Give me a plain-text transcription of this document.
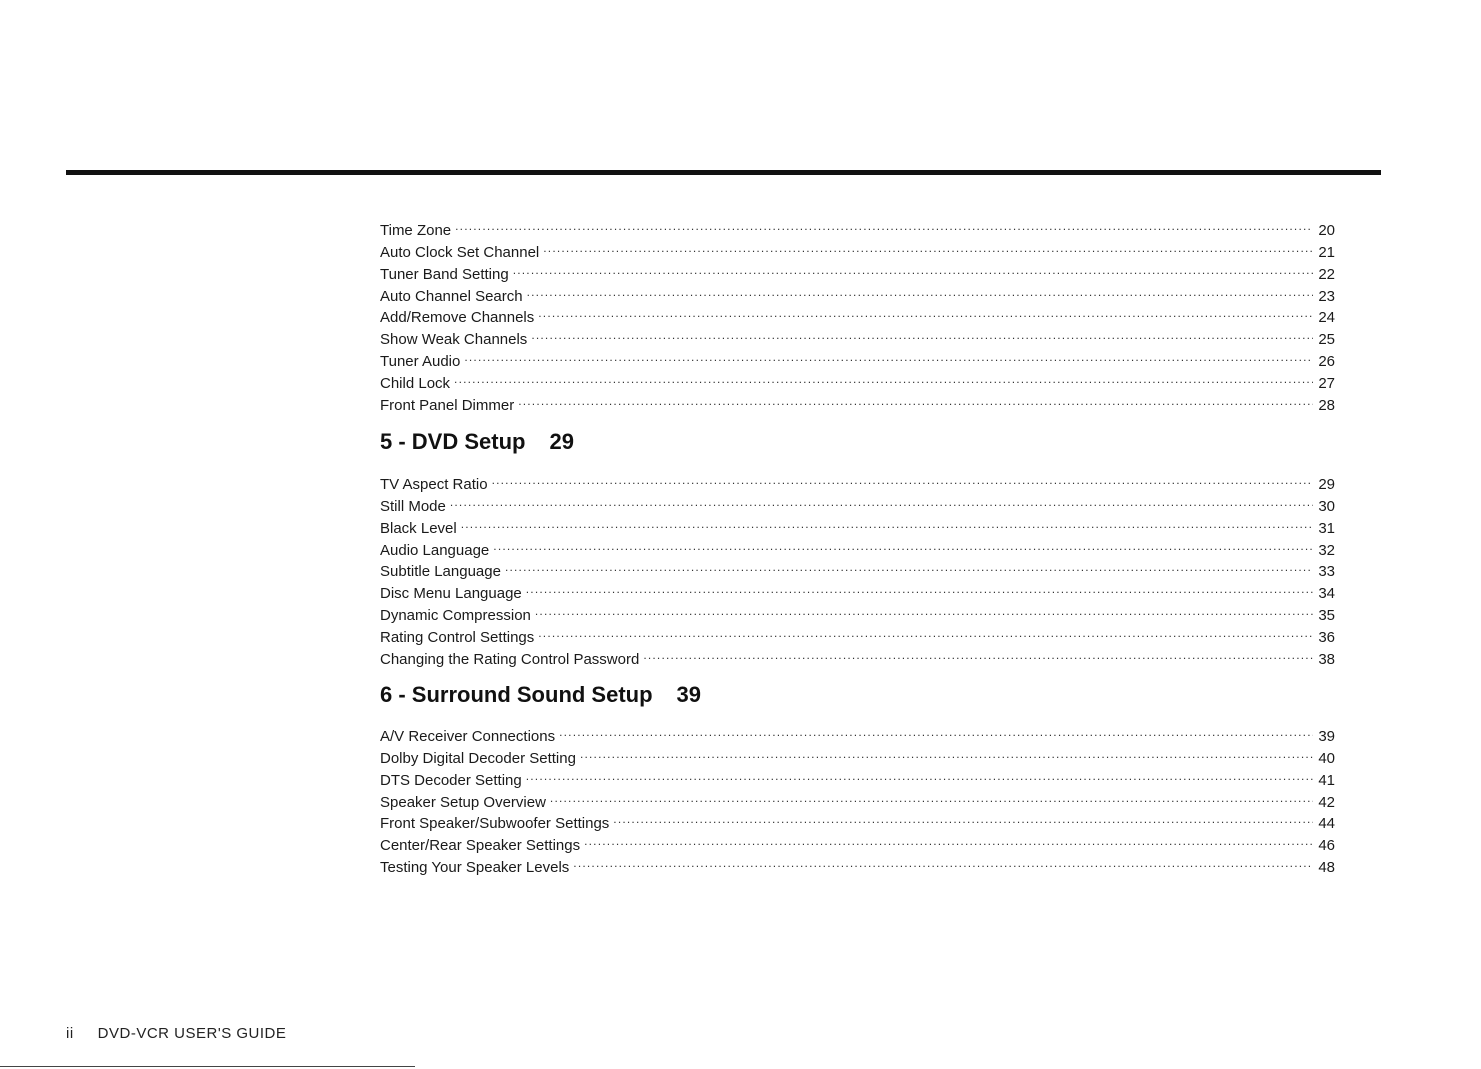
Time Zone .....	20
Auto Clock Set Channel .....	21
Tuner Band Setting .....	22
Auto Channel Search .....	23
Add/Remove Channels .....	24
Show Weak Channels .....	25
Tuner Audio .....	26
Child Lock .....	27
Front Panel Dimmer .....	28
5 - DVD Setup 29
TV Aspect Ratio .....	29
Still Mode .....	30
Black Level .....	31
Audio Language .....	32
Subtitle Language .....	33
Disc Menu Language .....	34
Dynamic Compression .....	35
Rating Control Settings .....	36
Changing the Rating Control Password .....	38
6 - Surround Sound Setup 39
A/V Receiver Connections .....	39
Dolby Digital Decoder Setting .....	40
DTS Decoder Setting .....	41
Speaker Setup Overview .....	42
Front Speaker/Subwoofer Settings .....	44
Center/Rear Speaker Settings .....	46
Testing Your Speaker Levels .....	48
ii DVD-VCR USER'S GUIDE
